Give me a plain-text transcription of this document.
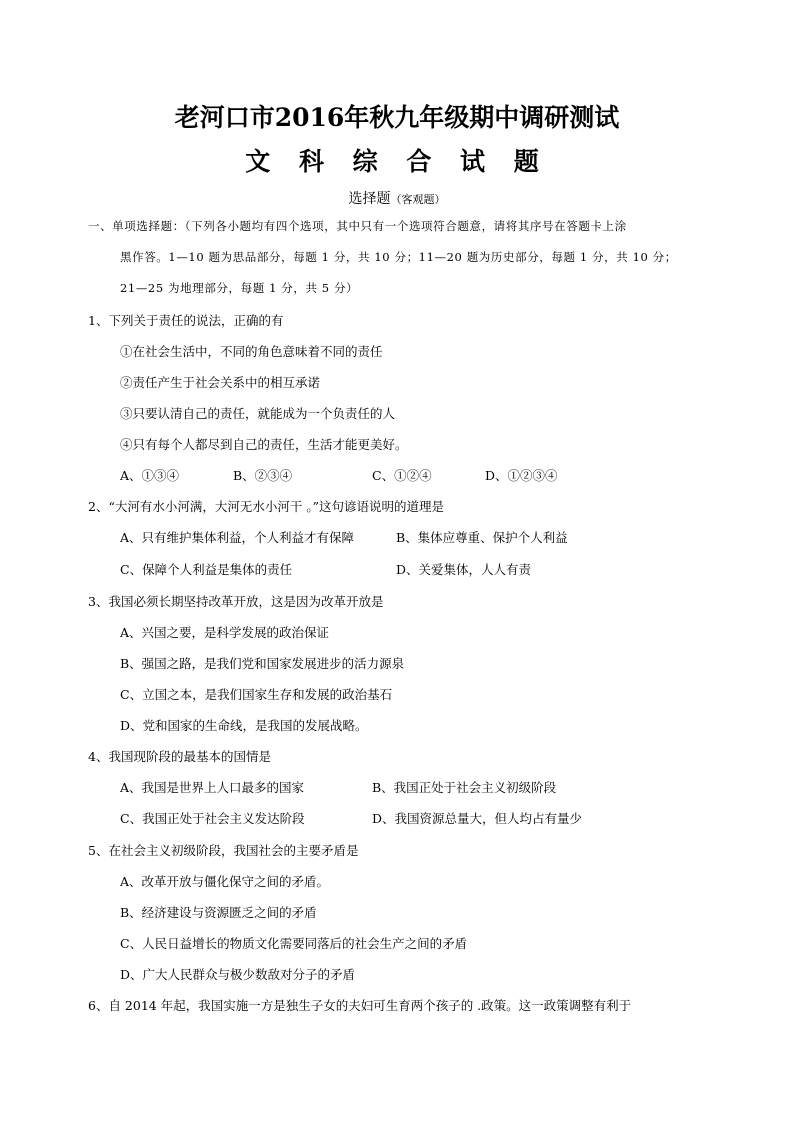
老河口市2016年秋九年级期中调研测试
文 科 综 合 试 题
选择题（客观题）
一、单项选择题：（下列各小题均有四个选项，其中只有一个选项符合题意，请将其序号在答题卡上涂
黑作答。1—10 题为思品部分，每题 1 分，共 10 分；11—20 题为历史部分，每题 1 分，共 10 分；
21—25 为地理部分，每题 1 分，共 5 分）
1、下列关于责任的说法，正确的有
①在社会生活中，不同的角色意味着不同的责任
②责任产生于社会关系中的相互承诺
③只要认清自己的责任，就能成为一个负责任的人
④只有每个人都尽到自己的责任，生活才能更美好。
A、①③④	B、②③④	C、①②④	D、①②③④
2、“大河有水小河满，大河无水小河干 。”这句谚语说明的道理是
A、只有维护集体利益，个人利益才有保障	B、集体应尊重、保护个人利益
C、保障个人利益是集体的责任	D、关爱集体，人人有责
3、我国必须长期坚持改革开放，这是因为改革开放是
A、兴国之要，是科学发展的政治保证
B、强国之路，是我们党和国家发展进步的活力源泉
C、立国之本，是我们国家生存和发展的政治基石
D、党和国家的生命线，是我国的发展战略。
4、我国现阶段的最基本的国情是
A、我国是世界上人口最多的国家	B、我国正处于社会主义初级阶段
C、我国正处于社会主义发达阶段	D、我国资源总量大，但人均占有量少
5、在社会主义初级阶段，我国社会的主要矛盾是
A、改革开放与僵化保守之间的矛盾。
B、经济建设与资源匮乏之间的矛盾
C、人民日益增长的物质文化需要同落后的社会生产之间的矛盾
D、广大人民群众与极少数敌对分子的矛盾
6、自 2014 年起，我国实施一方是独生子女的夫妇可生育两个孩子的 .政策。这一政策调整有利于
